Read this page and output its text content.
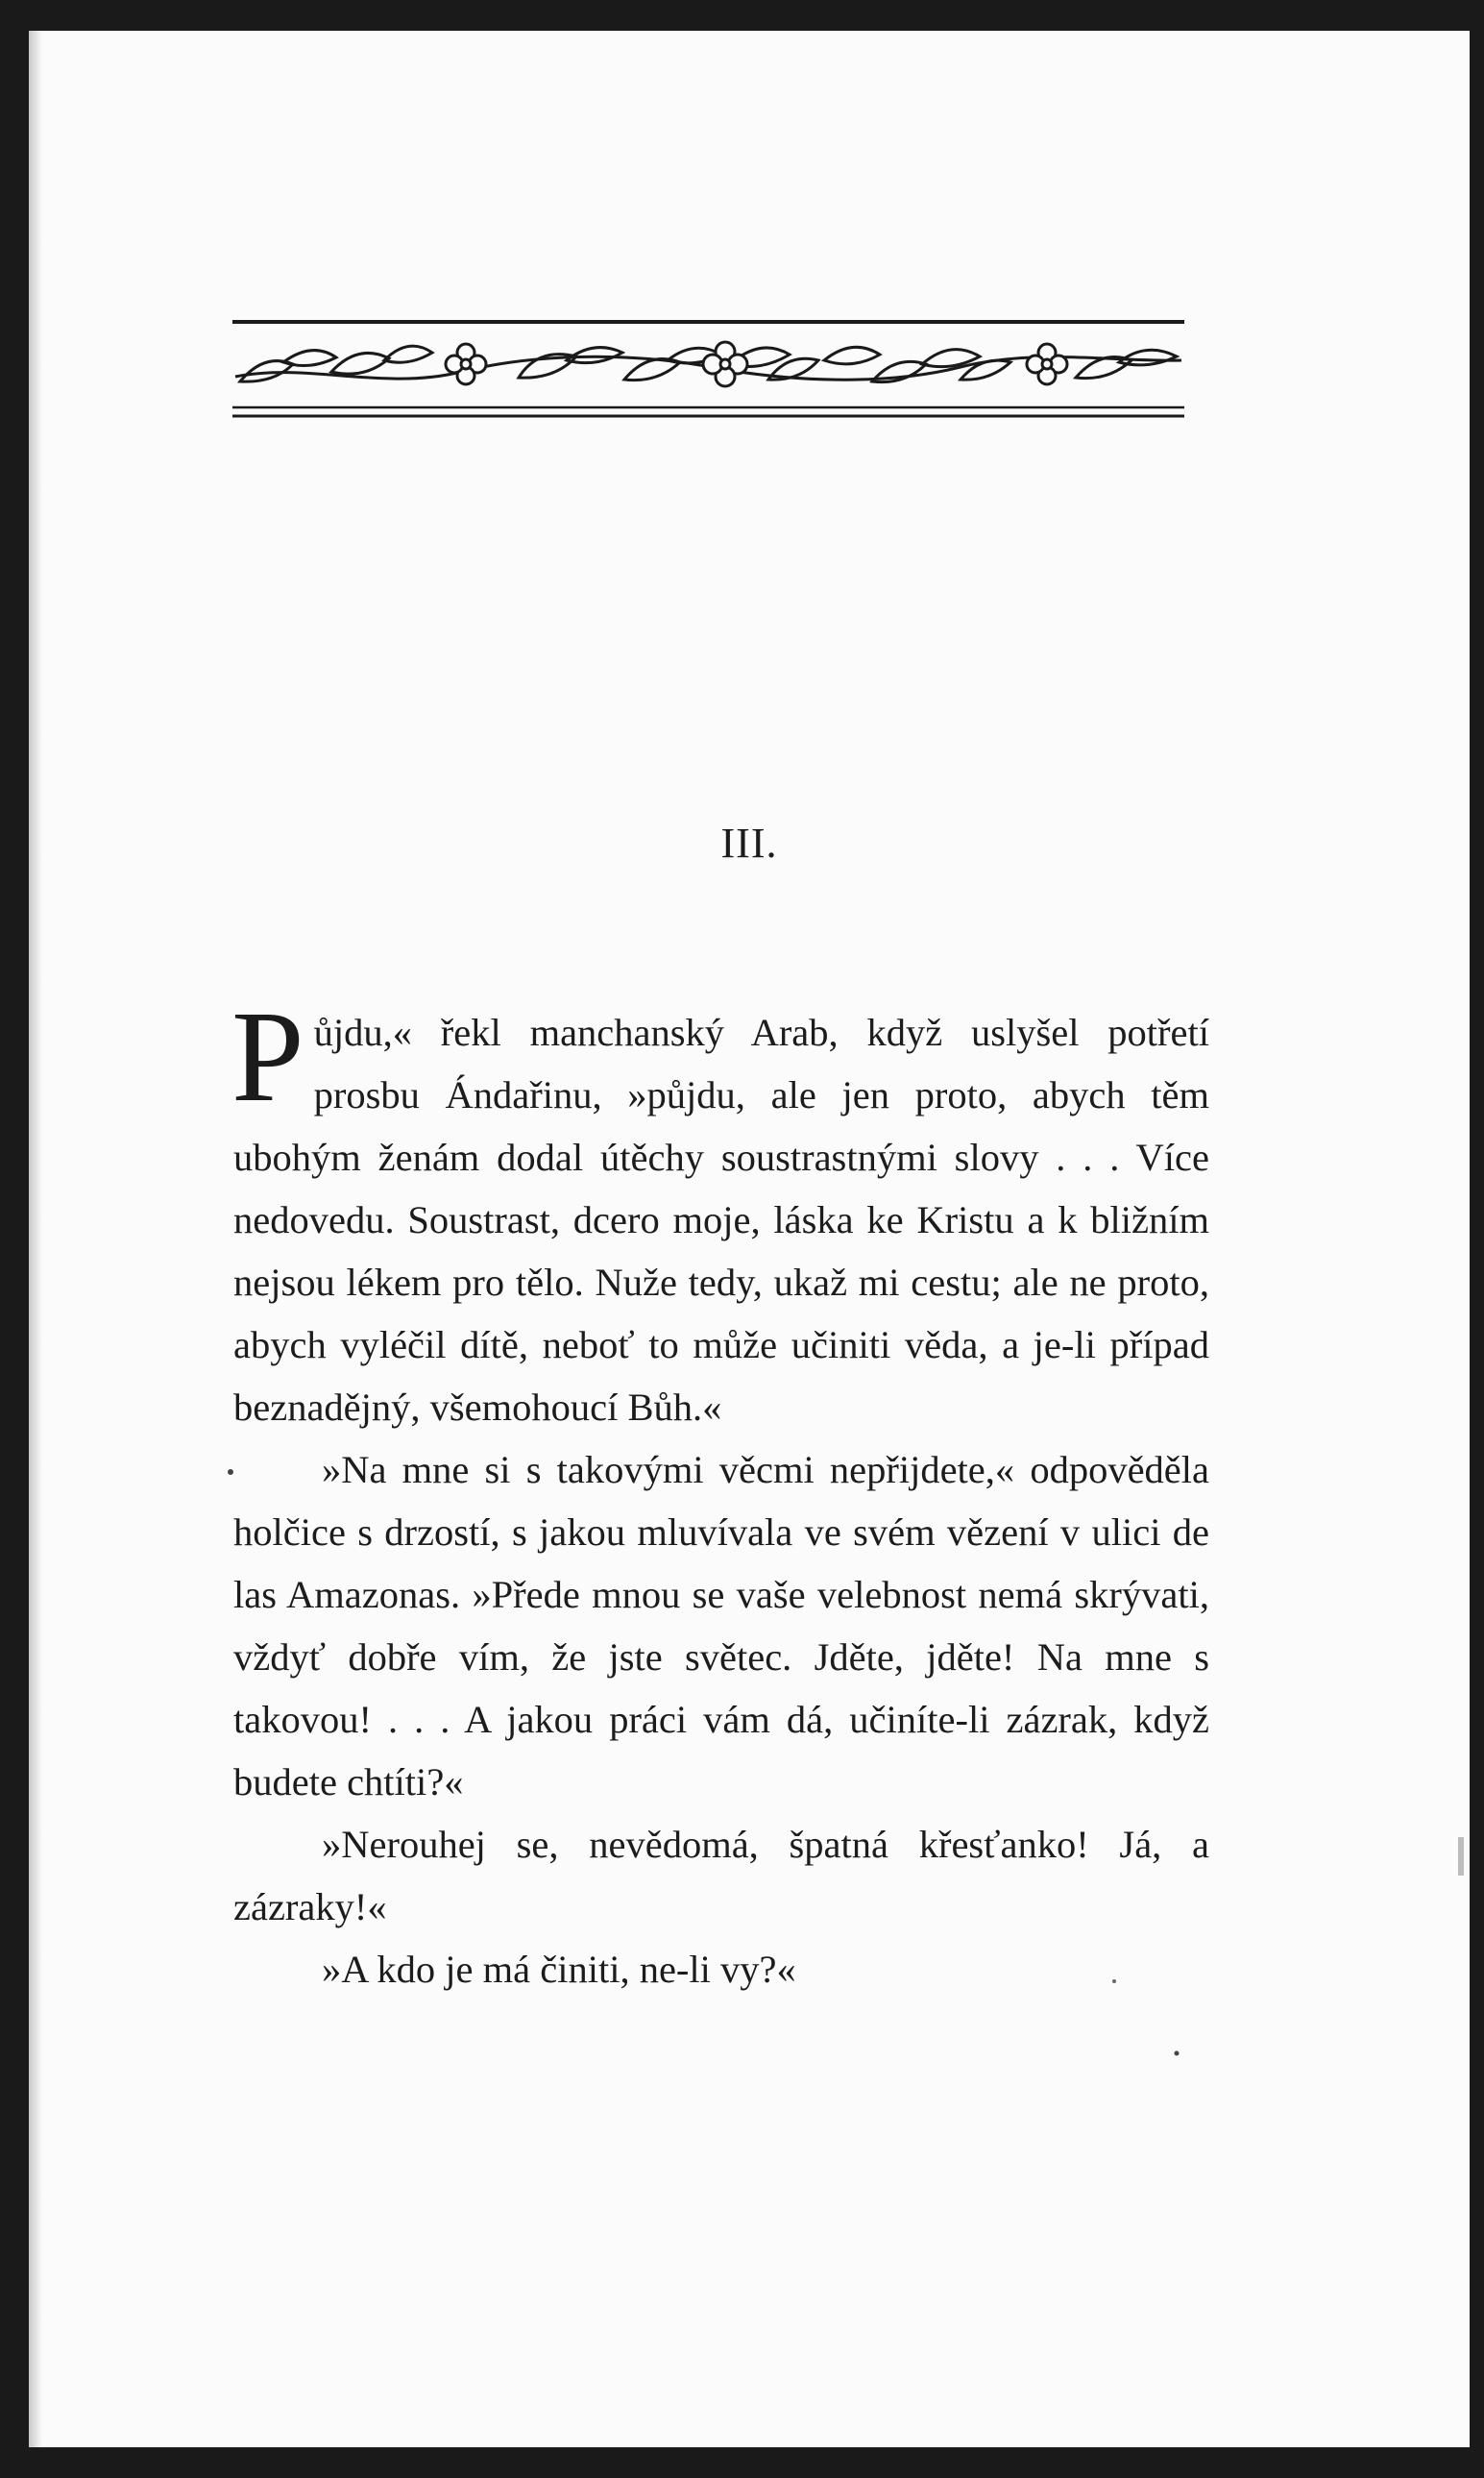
III.

Půjdu,« řekl manchanský Arab, když uslyšel potřetí prosbu Ándařinu, »půjdu, ale jen proto, abych těm ubohým ženám dodal útěchy soustrastnými slovy . . . Více nedovedu. Soustrast, dcero moje, láska ke Kristu a k bližním nejsou lékem pro tělo. Nuže tedy, ukaž mi cestu; ale ne proto, abych vyléčil dítě, neboť to může učiniti věda, a je-li případ beznadějný, všemohoucí Bůh.«

»Na mne si s takovými věcmi nepřijdete,« odpověděla holčice s drzostí, s jakou mluvívala ve svém vězení v ulici de las Amazonas. »Přede mnou se vaše velebnost nemá skrývati, vždyť dobře vím, že jste světec. Jděte, jděte! Na mne s takovou! . . . A jakou práci vám dá, učiníte-li zázrak, když budete chtíti?«

»Nerouhej se, nevědomá, špatná křesťanko! Já, a zázraky!«

»A kdo je má činiti, ne-li vy?«
